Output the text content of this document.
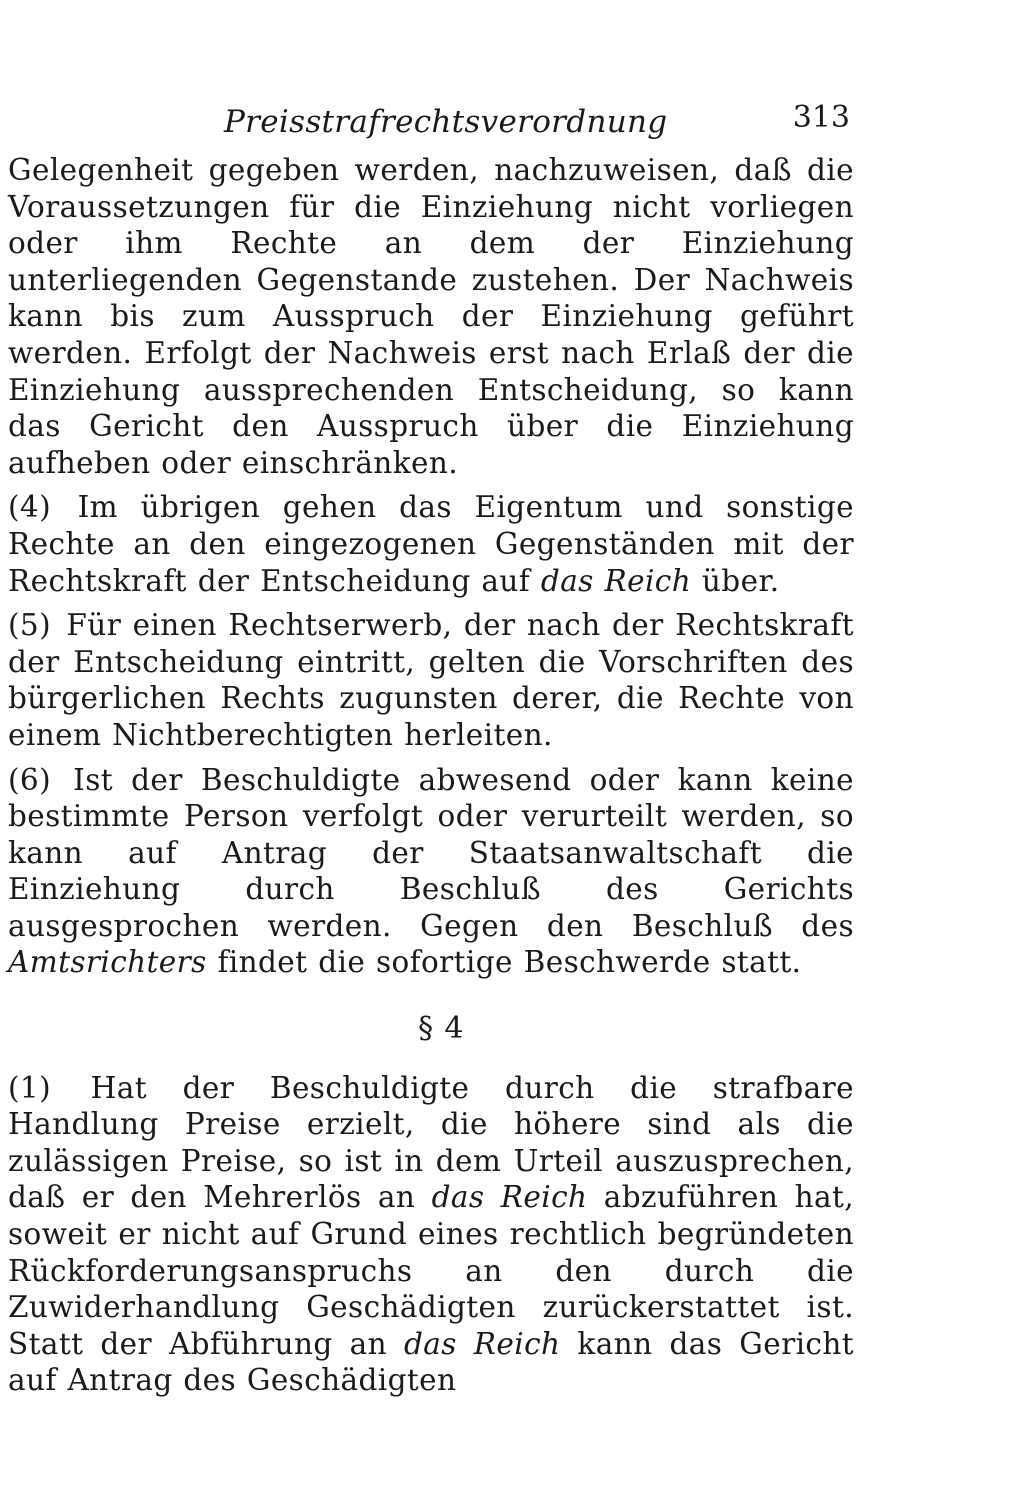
Preisstrafrechtsverordnung	313

Gelegenheit gegeben werden, nachzuweisen, daß die Voraussetzungen für die Einziehung nicht vorliegen oder ihm Rechte an dem der Einziehung unterliegenden Gegenstande zustehen. Der Nachweis kann bis zum Ausspruch der Einziehung geführt werden. Erfolgt der Nachweis erst nach Erlaß der die Einziehung aussprechenden Entscheidung, so kann das Gericht den Ausspruch über die Einziehung aufheben oder einschränken.

(4) Im übrigen gehen das Eigentum und sonstige Rechte an den eingezogenen Gegenständen mit der Rechtskraft der Entscheidung auf das Reich über.

(5) Für einen Rechtserwerb, der nach der Rechtskraft der Entscheidung eintritt, gelten die Vorschriften des bürgerlichen Rechts zugunsten derer, die Rechte von einem Nichtberechtigten herleiten.

(6) Ist der Beschuldigte abwesend oder kann keine bestimmte Person verfolgt oder verurteilt werden, so kann auf Antrag der Staatsanwaltschaft die Einziehung durch Beschluß des Gerichts ausgesprochen werden. Gegen den Beschluß des Amtsrichters findet die sofortige Beschwerde statt.

§ 4

(1) Hat der Beschuldigte durch die strafbare Handlung Preise erzielt, die höhere sind als die zulässigen Preise, so ist in dem Urteil auszusprechen, daß er den Mehrerlös an das Reich abzuführen hat, soweit er nicht auf Grund eines rechtlich begründeten Rückforderungsanspruchs an den durch die Zuwiderhandlung Geschädigten zurückerstattet ist. Statt der Abführung an das Reich kann das Gericht auf Antrag des Geschädigten
